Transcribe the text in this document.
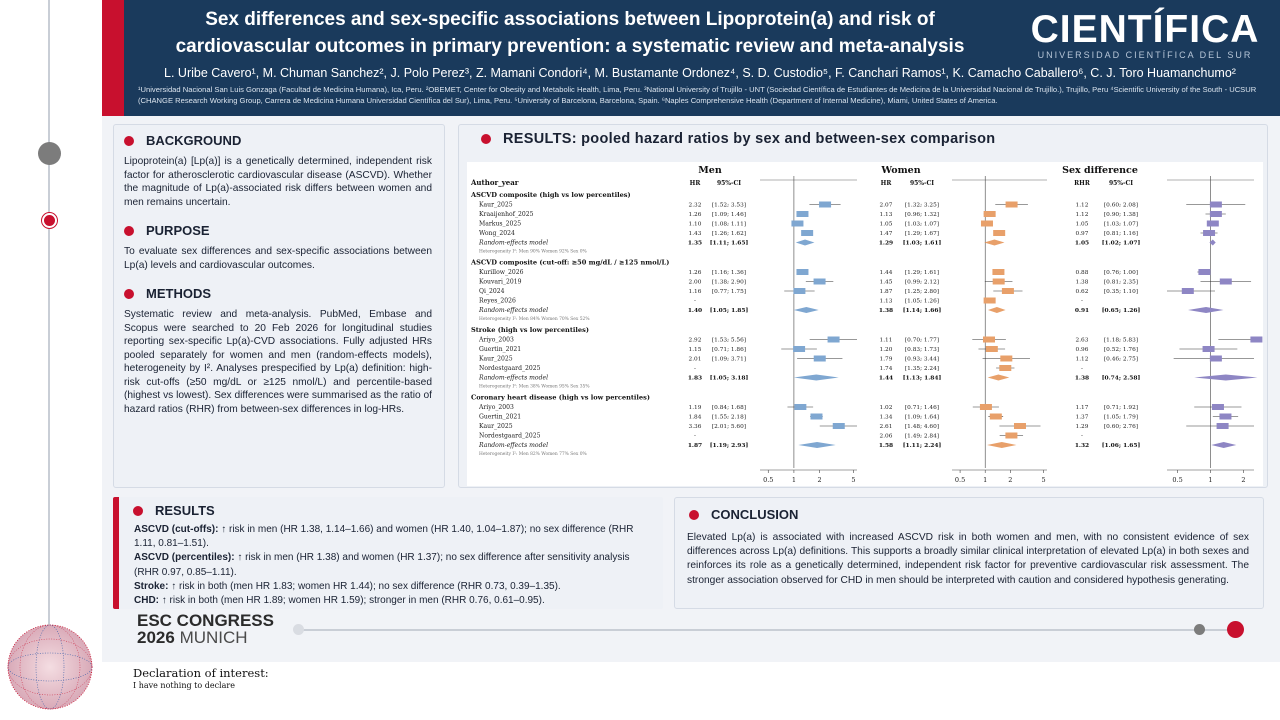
Sex differences and sex-specific associations between Lipoprotein(a) and risk of
cardiovascular outcomes in primary prevention: a systematic review and meta-analysis	CIENTÍFICA
UNIVERSIDAD CIENTÍFICA DEL SUR
L. Uribe Cavero¹, M. Chuman Sanchez², J. Polo Perez³, Z. Mamani Condori⁴, M. Bustamante Ordonez⁴, S. D. Custodio⁵, F. Canchari Ramos¹, K. Camacho Caballero⁶, C. J. Toro Huamanchumo²
¹Universidad Nacional San Luis Gonzaga (Facultad de Medicina Humana), Ica, Peru. ²OBEMET, Center for Obesity and Metabolic Health, Lima, Peru. ³National University of Trujillo - UNT (Sociedad Científica de Estudiantes de Medicina de la Universidad Nacional de Trujillo.), Trujillo, Peru ⁴Scientific University of the South - UCSUR (CHANGE Research Working Group, Carrera de Medicina Humana Universidad Científica del Sur), Lima, Peru. ⁵University of Barcelona, Barcelona, Spain. ⁶Naples Comprehensive Health (Department of Internal Medicine), Miami, United States of America.
BACKGROUND

Lipoprotein(a) [Lp(a)] is a genetically determined, independent risk factor for atherosclerotic cardiovascular disease (ASCVD). Whether the magnitude of Lp(a)-associated risk differs between women and men remains uncertain.

PURPOSE

To evaluate sex differences and sex-specific associations between Lp(a) levels and cardiovascular outcomes.

METHODS

Systematic review and meta-analysis. PubMed, Embase and Scopus were searched to 20 Feb 2026 for longitudinal studies reporting sex-specific Lp(a)-CVD associations. Fully adjusted HRs pooled separately for women and men (random-effects models), heterogeneity by I². Analyses prespecified by Lp(a) definition: high-risk cut-offs (≥50 mg/dL or ≥125 nmol/L) and percentile-based (highest vs lowest). Sex differences were summarised as the ratio of hazard ratios (RHR) from between-sex differences in log-HRs.

RESULTS: pooled hazard ratios by sex and between-sex comparison
Men
HR	95%-CI
0.5	1	2	5
Women
HR	95%-CI
0.5	1	2	5
Sex difference
RHR	95%-CI
0.5	1	2
Author_year
ASCVD composite (high vs low percentiles)
Kaur_2025	2.32 [1.52; 3.53]	2.07 [1.32; 3.25]	1.12	[0.60; 2.08]
Kraaijenhof_2025	1.26 [1.09; 1.46]	1.13 [0.96; 1.32]	1.12	[0.90; 1.38]
Markus_2025	1.10 [1.08; 1.11]	1.05 [1.03; 1.07]	1.05	[1.03; 1.07]
Wong_2024	1.43 [1.26; 1.62]	1.47 [1.29; 1.67]	0.97	[0.81; 1.16]
Random-effects model	1.35 [1.11; 1.65]	1.29 [1.03; 1.61]	1.05 [1.02; 1.07]
Heterogeneity I²: Men 90% Women 92% Sex 0%
ASCVD composite (cut-off: ≥50 mg/dL / ≥125 nmol/L)
Kurillow_2026	1.26 [1.16; 1.36]	1.44 [1.29; 1.61]	0.88	[0.76; 1.00]
Kouvari_2019	2.00 [1.38; 2.90]	1.45 [0.99; 2.12]	1.38	[0.81; 2.35]
Qi_2024	1.16 [0.77; 1.75]	1.87 [1.25; 2.80]	0.62	[0.35; 1.10]
Reyes_2026	-	1.13 [1.05; 1.26]	-
Random-effects model	1.40 [1.05; 1.85]	1.38 [1.14; 1.66]	0.91 [0.65; 1.26]
Heterogeneity I²: Men 84% Women 70% Sex 52%
Stroke (high vs low percentiles)
Ariyo_2003	2.92 [1.53; 5.56]	1.11 [0.70; 1.77]	2.63	[1.18; 5.83]
Guertin_2021	1.15 [0.71; 1.86]	1.20 [0.83; 1.73]	0.96	[0.52; 1.76]
Kaur_2025	2.01 [1.09; 3.71]	1.79 [0.93; 3.44]	1.12	[0.46; 2.75]
Nordestgaard_2025	-	1.74 [1.35; 2.24]	-
Random-effects model	1.83 [1.05; 3.18]	1.44 [1.13; 1.84]	1.38 [0.74; 2.58]
Heterogeneity I²: Men 38% Women 95% Sex 35%
Coronary heart disease (high vs low percentiles)
Ariyo_2003	1.19 [0.84; 1.68]	1.02 [0.71; 1.46]	1.17	[0.71; 1.92]
Guertin_2021	1.84 [1.55; 2.18]	1.34 [1.09; 1.64]	1.37	[1.05; 1.79]
Kaur_2025	3.36 [2.01; 5.60]	2.61 [1.48; 4.60]	1.29	[0.60; 2.76]
Nordestgaard_2025	-	2.06 [1.49; 2.84]	-
Random-effects model	1.87 [1.19; 2.93]	1.58 [1.11; 2.24]	1.32 [1.06; 1.65]
Heterogeneity I²: Men 82% Women 77% Sex 0%
RESULTS
ASCVD (cut-offs): ↑ risk in men (HR 1.38, 1.14–1.66) and women (HR 1.40, 1.04–1.87); no sex difference (RHR 1.11, 0.81–1.51).
ASCVD (percentiles): ↑ risk in men (HR 1.38) and women (HR 1.37); no sex difference after sensitivity analysis (RHR 0.97, 0.85–1.11).
Stroke: ↑ risk in both (men HR 1.83; women HR 1.44); no sex difference (RHR 0.73, 0.39–1.35).
CHD: ↑ risk in both (men HR 1.89; women HR 1.59); stronger in men (RHR 0.76, 0.61–0.95).
CONCLUSION

Elevated Lp(a) is associated with increased ASCVD risk in both women and men, with no consistent evidence of sex differences across Lp(a) definitions. This supports a broadly similar clinical interpretation of elevated Lp(a) in both sexes and reinforces its role as a genetically determined, independent risk factor for preventive cardiovascular risk assessment. The stronger association observed for CHD in men should be interpreted with caution and considered hypothesis generating.

ESC CONGRESS
2026 MUNICH
Declaration of interest:
I have nothing to declare
